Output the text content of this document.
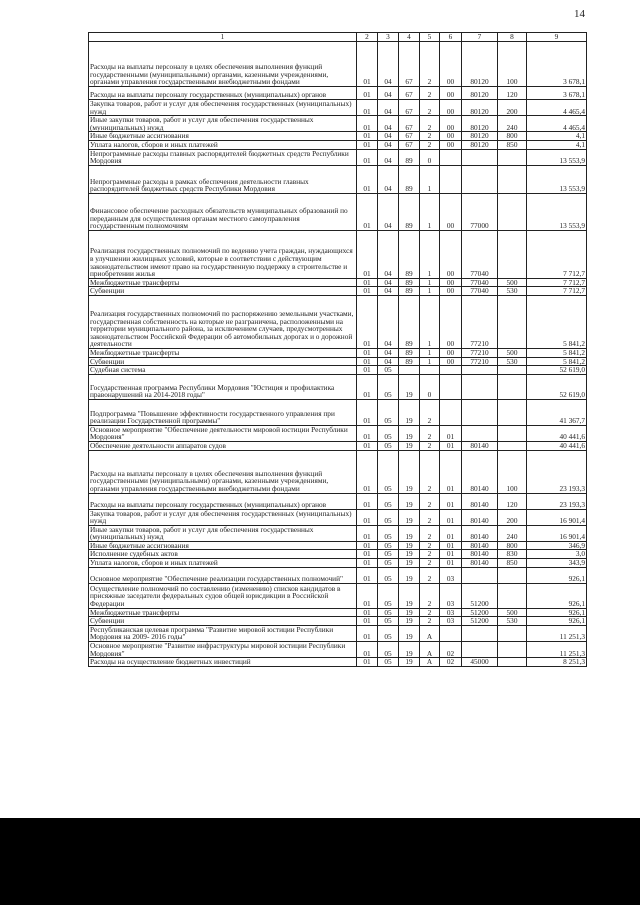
14
1	2	3	4	5	6	7	8	9
Расходы на выплаты персоналу в целях обеспечения выполнения функций государственными (муниципальными) органами, казенными учреждениями, органами управления государственными внебюджетными фондами	01	04	67	2	00	80120	100	3 678,1
Расходы на выплаты персоналу государственных (муниципальных) органов	01	04	67	2	00	80120	120	3 678,1
Закупка товаров, работ и услуг для обеспечения государственных (муниципальных) нужд	01	04	67	2	00	80120	200	4 465,4
Иные закупки товаров, работ и услуг для обеспечения государственных (муниципальных) нужд	01	04	67	2	00	80120	240	4 465,4
Иные бюджетные ассигнования	01	04	67	2	00	80120	800	4,1
Уплата налогов, сборов и иных платежей	01	04	67	2	00	80120	850	4,1
Непрограммные расходы главных распорядителей бюджетных средств Республики Мордовия	01	04	89	0				13 553,9
Непрограммные расходы в рамках обеспечения деятельности главных распорядителей бюджетных средств Республики Мордовия	01	04	89	1				13 553,9
Финансовое обеспечение расходных обязательств муниципальных образований по переданным для осуществления органам местного самоуправления государственным полномочиям	01	04	89	1	00	77000		13 553,9
Реализация государственных полномочий по ведению учета граждан, нуждающихся в улучшении жилищных условий, которые в соответствии с действующим законодательством имеют право на государственную поддержку в строительстве и приобретении жилья	01	04	89	1	00	77040		7 712,7
Межбюджетные трансферты	01	04	89	1	00	77040	500	7 712,7
Субвенции	01	04	89	1	00	77040	530	7 712,7
Реализация государственных полномочий по распоряжению земельными участками, государственная собственность на которые не разграничена, расположенными на территории муниципального района, за исключением случаев, предусмотренных законодательством Российской Федерации об автомобильных дорогах и о дорожной деятельности	01	04	89	1	00	77210		5 841,2
Межбюджетные трансферты	01	04	89	1	00	77210	500	5 841,2
Субвенции	01	04	89	1	00	77210	530	5 841,2
Судебная система	01	05						52 619,0
Государственная программа Республики Мордовия "Юстиция и профилактика правонарушений на 2014-2018 годы"	01	05	19	0				52 619,0
Подпрограмма "Повышение эффективности государственного управления при реализации Государственной программы"	01	05	19	2				41 367,7
Основное мероприятие "Обеспечение деятельности мировой юстиции Республики Мордовия"	01	05	19	2	01			40 441,6
Обеспечение деятельности аппаратов судов	01	05	19	2	01	80140		40 441,6
Расходы на выплаты персоналу в целях обеспечения выполнения функций государственными (муниципальными) органами, казенными учреждениями, органами управления государственными внебюджетными фондами	01	05	19	2	01	80140	100	23 193,3
Расходы на выплаты персоналу государственных (муниципальных) органов	01	05	19	2	01	80140	120	23 193,3
Закупка товаров, работ и услуг для обеспечения государственных (муниципальных) нужд	01	05	19	2	01	80140	200	16 901,4
Иные закупки товаров, работ и услуг для обеспечения государственных (муниципальных) нужд	01	05	19	2	01	80140	240	16 901,4
Иные бюджетные ассигнования	01	05	19	2	01	80140	800	346,9
Исполнение судебных актов	01	05	19	2	01	80140	830	3,0
Уплата налогов, сборов и иных платежей	01	05	19	2	01	80140	850	343,9
Основное мероприятие "Обеспечение реализации государственных полномочий"	01	05	19	2	03			926,1
Осуществление полномочий по составлению (изменению) списков кандидатов в присяжные заседатели федеральных судов общей юрисдикции в Российской Федерации	01	05	19	2	03	51200		926,1
Межбюджетные трансферты	01	05	19	2	03	51200	500	926,1
Субвенции	01	05	19	2	03	51200	530	926,1
Республиканская целевая программа "Развитие мировой юстиции Республики Мордовия на 2009- 2016 годы"	01	05	19	А				11 251,3
Основное мероприятие "Развитие инфраструктуры мировой юстиции Республики Мордовия"	01	05	19	А	02			11 251,3
Расходы на осуществление бюджетных инвестиций	01	05	19	А	02	45000		8 251,3
